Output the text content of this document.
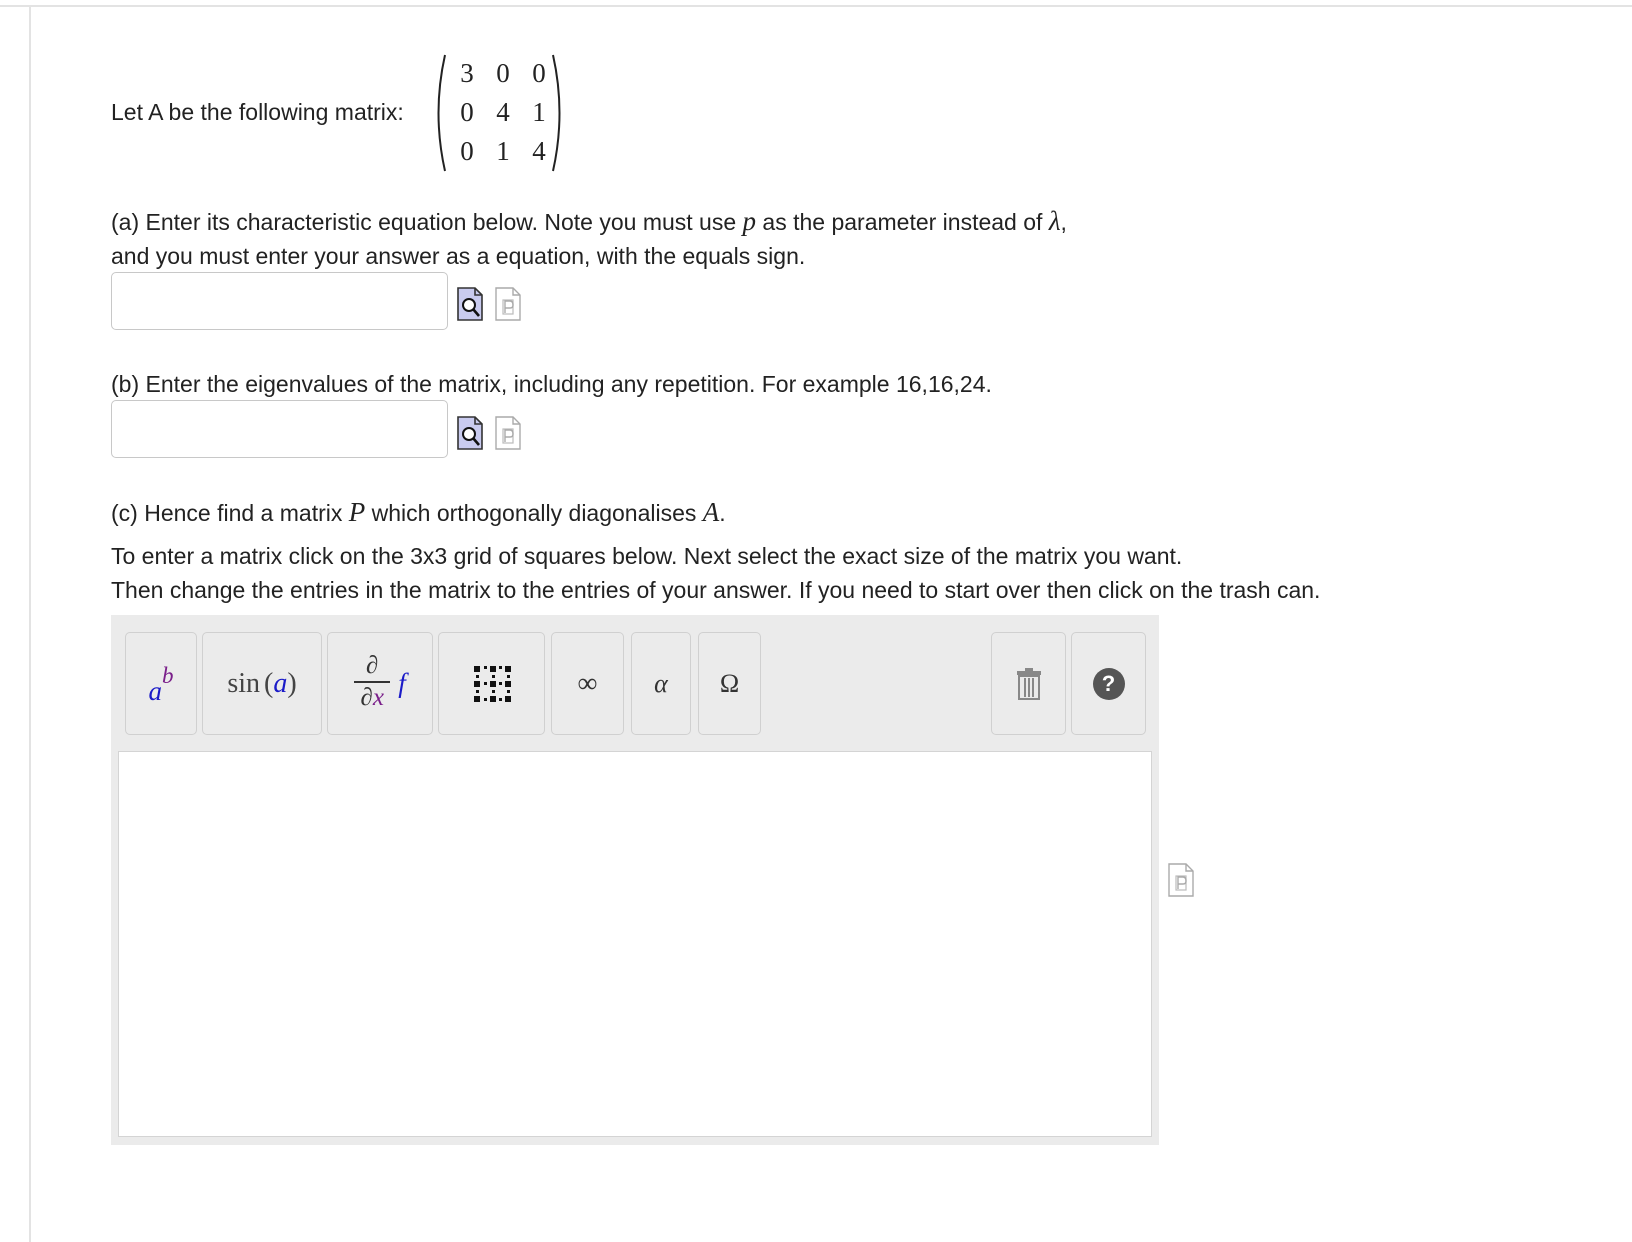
Let A be the following matrix:

3 0 0
0 4 1
0 1 4

(a) Enter its characteristic equation below. Note you must use p as the parameter instead of λ,

and you must enter your answer as a equation, with the equals sign.

(b) Enter the eigenvalues of the matrix, including any repetition. For example 16,16,24.

(c) Hence find a matrix P which orthogonally diagonalises A.

To enter a matrix click on the 3x3 grid of squares below. Next select the exact size of the matrix you want.

Then change the entries in the matrix to the entries of your answer. If you need to start over then click on the trash can.

a
b sin ( a )
∂
∂x f	∞ α Ω	?
